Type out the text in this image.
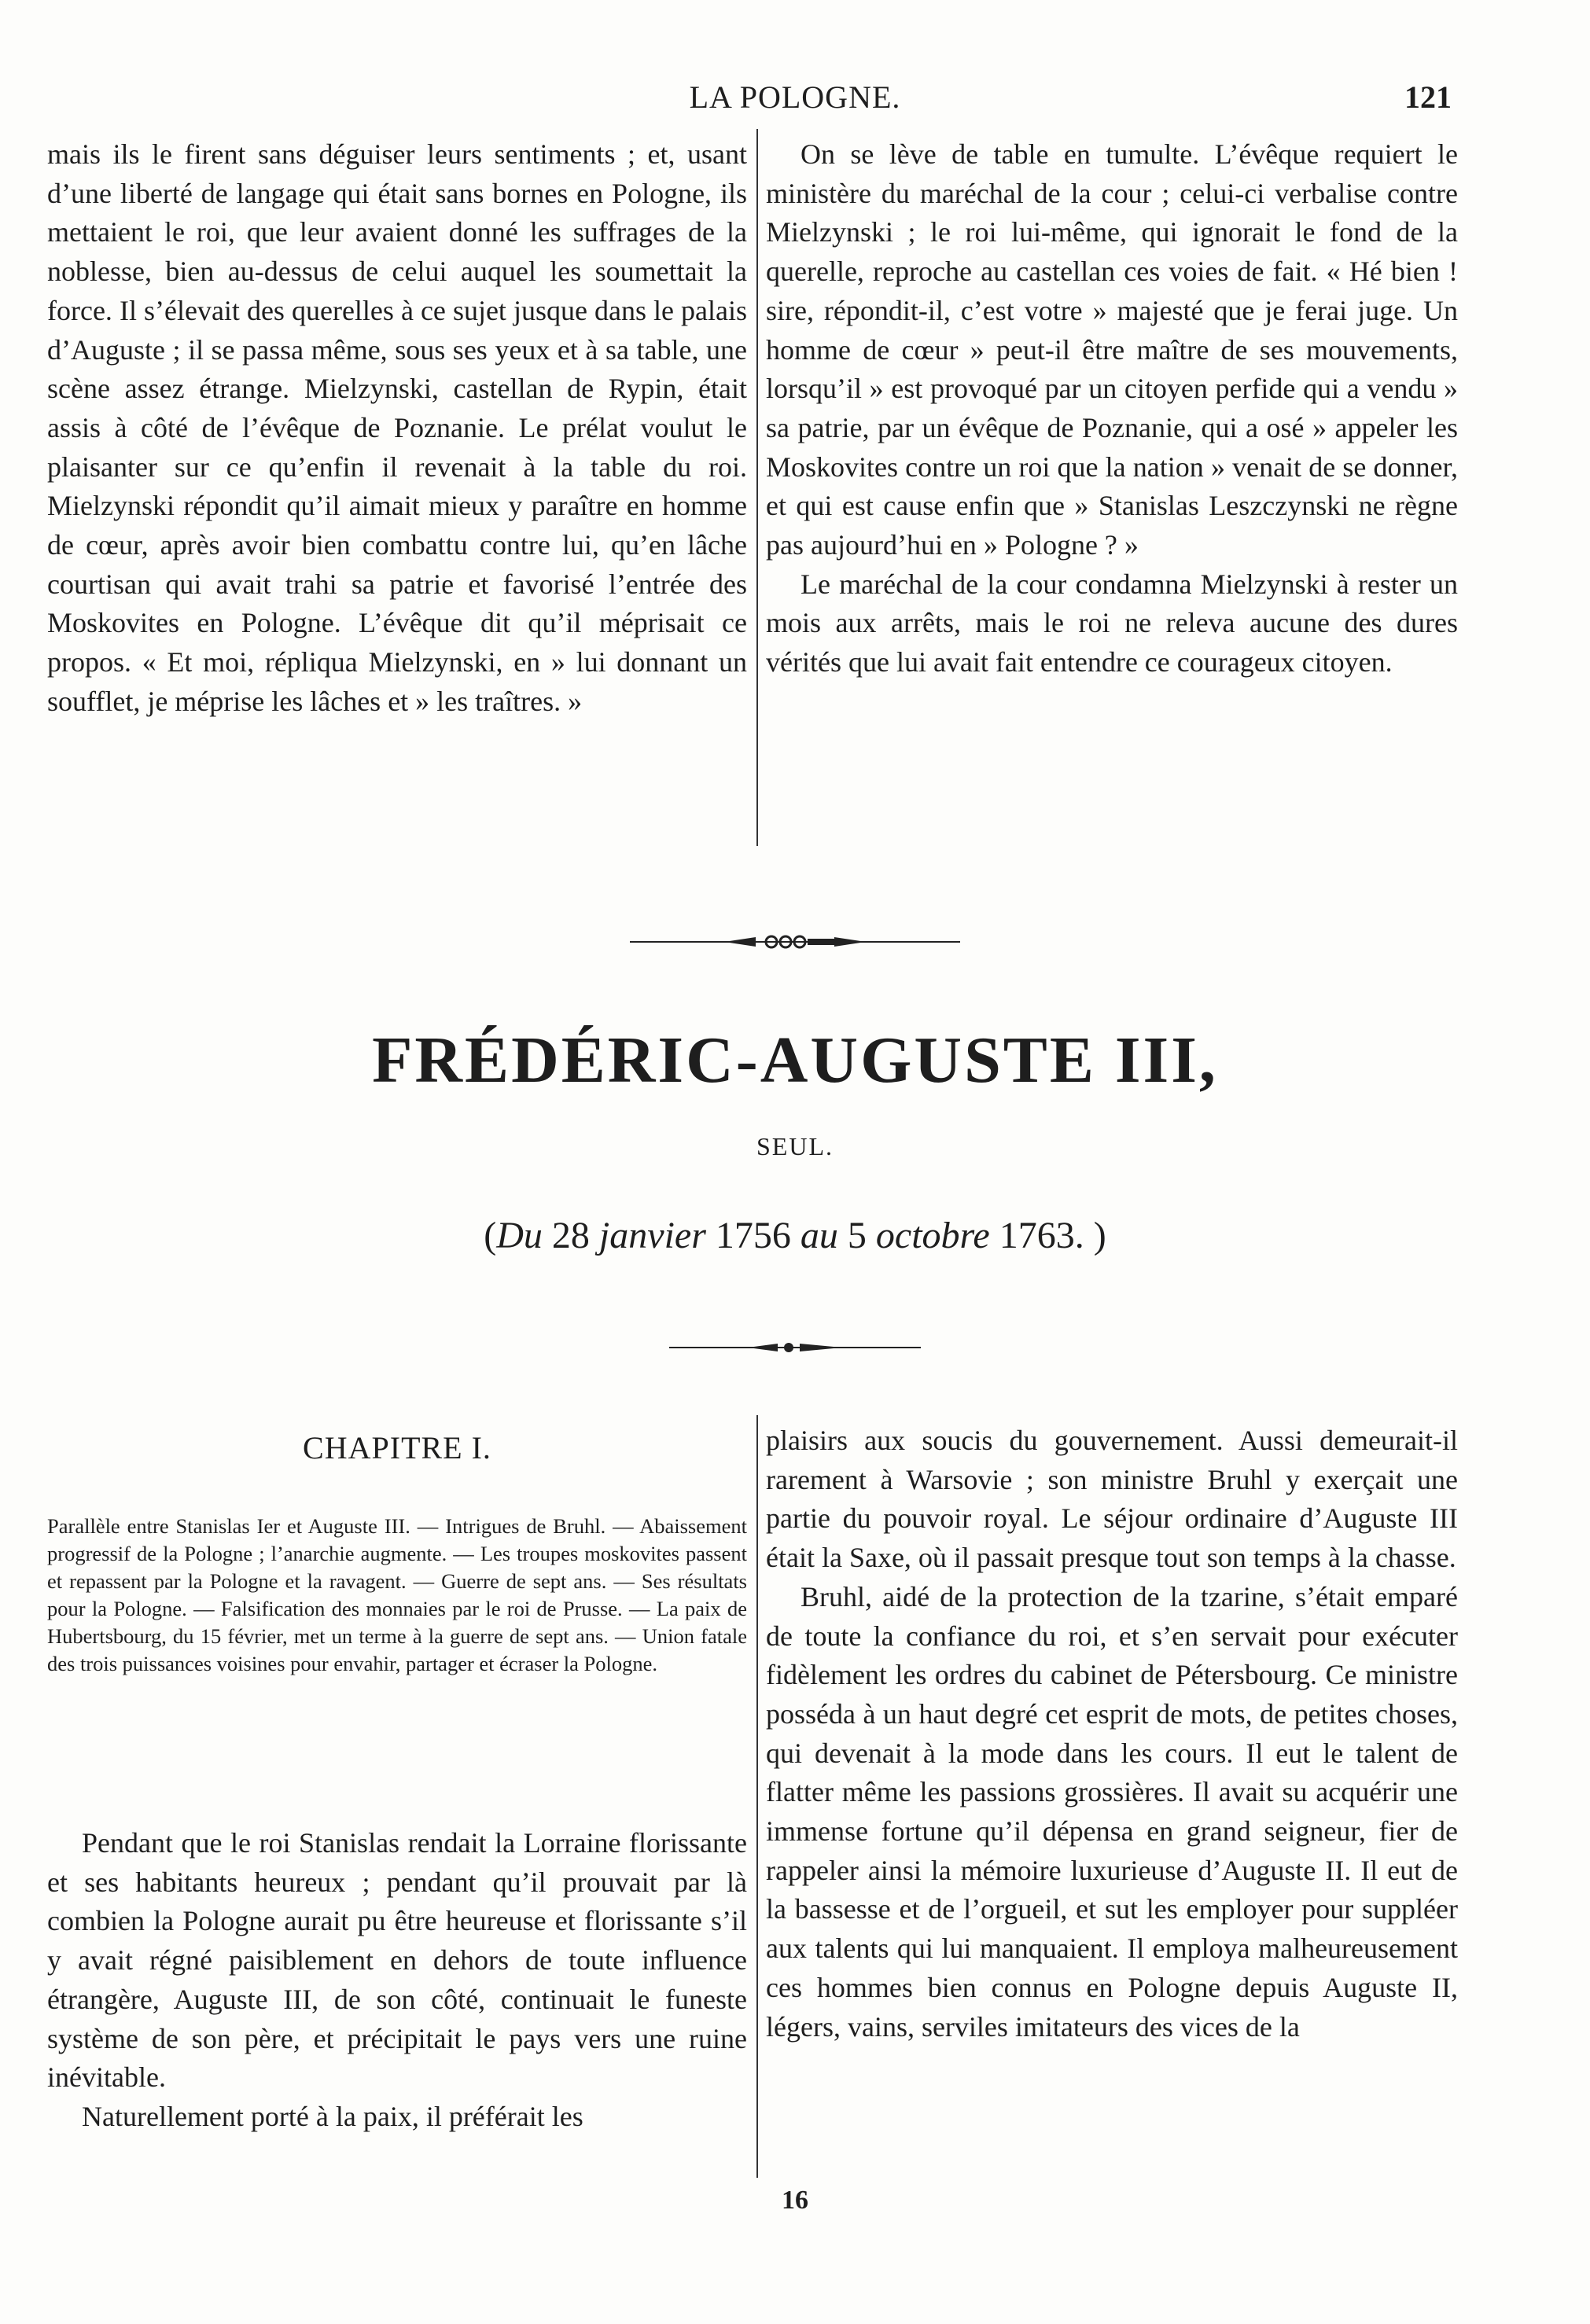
LA POLOGNE.	121

mais ils le firent sans déguiser leurs sentiments ; et, usant d’une liberté de langage qui était sans bornes en Pologne, ils mettaient le roi, que leur avaient donné les suffrages de la noblesse, bien au-dessus de celui auquel les soumettait la force. Il s’élevait des querelles à ce sujet jusque dans le palais d’Auguste ; il se passa même, sous ses yeux et à sa table, une scène assez étrange. Mielzynski, castellan de Rypin, était assis à côté de l’évêque de Poznanie. Le prélat voulut le plaisanter sur ce qu’enfin il revenait à la table du roi. Mielzynski répondit qu’il aimait mieux y paraître en homme de cœur, après avoir bien combattu contre lui, qu’en lâche courtisan qui avait trahi sa patrie et favorisé l’entrée des Moskovites en Pologne. L’évêque dit qu’il méprisait ce propos. « Et moi, répliqua Mielzynski, en » lui donnant un soufflet, je méprise les lâches et » les traîtres. »

On se lève de table en tumulte. L’évêque requiert le ministère du maréchal de la cour ; celui-ci verbalise contre Mielzynski ; le roi lui-même, qui ignorait le fond de la querelle, reproche au castellan ces voies de fait. « Hé bien ! sire, répondit-il, c’est votre » majesté que je ferai juge. Un homme de cœur » peut-il être maître de ses mouvements, lorsqu’il » est provoqué par un citoyen perfide qui a vendu » sa patrie, par un évêque de Poznanie, qui a osé » appeler les Moskovites contre un roi que la nation » venait de se donner, et qui est cause enfin que » Stanislas Leszczynski ne règne pas aujourd’hui en » Pologne ? »

Le maréchal de la cour condamna Mielzynski à rester un mois aux arrêts, mais le roi ne releva aucune des dures vérités que lui avait fait entendre ce courageux citoyen.

FRÉDÉRIC-AUGUSTE III,
SEUL.
(Du 28 janvier 1756 au 5 octobre 1763. )
CHAPITRE I.
Parallèle entre Stanislas Ier et Auguste III. — Intrigues de Bruhl. — Abaissement progressif de la Pologne ; l’anarchie augmente. — Les troupes moskovites passent et repassent par la Pologne et la ravagent. — Guerre de sept ans. — Ses résultats pour la Pologne. — Falsification des monnaies par le roi de Prusse. — La paix de Hubertsbourg, du 15 février, met un terme à la guerre de sept ans. — Union fatale des trois puissances voisines pour envahir, partager et écraser la Pologne.

Pendant que le roi Stanislas rendait la Lorraine florissante et ses habitants heureux ; pendant qu’il prouvait par là combien la Pologne aurait pu être heureuse et florissante s’il y avait régné paisiblement en dehors de toute influence étrangère, Auguste III, de son côté, continuait le funeste système de son père, et précipitait le pays vers une ruine inévitable.

Naturellement porté à la paix, il préférait les

plaisirs aux soucis du gouvernement. Aussi demeurait-il rarement à Warsovie ; son ministre Bruhl y exerçait une partie du pouvoir royal. Le séjour ordinaire d’Auguste III était la Saxe, où il passait presque tout son temps à la chasse.

Bruhl, aidé de la protection de la tzarine, s’était emparé de toute la confiance du roi, et s’en servait pour exécuter fidèlement les ordres du cabinet de Pétersbourg. Ce ministre posséda à un haut degré cet esprit de mots, de petites choses, qui devenait à la mode dans les cours. Il eut le talent de flatter même les passions grossières. Il avait su acquérir une immense fortune qu’il dépensa en grand seigneur, fier de rappeler ainsi la mémoire luxurieuse d’Auguste II. Il eut de la bassesse et de l’orgueil, et sut les employer pour suppléer aux talents qui lui manquaient. Il employa malheureusement ces hommes bien connus en Pologne depuis Auguste II, légers, vains, serviles imitateurs des vices de la

16
